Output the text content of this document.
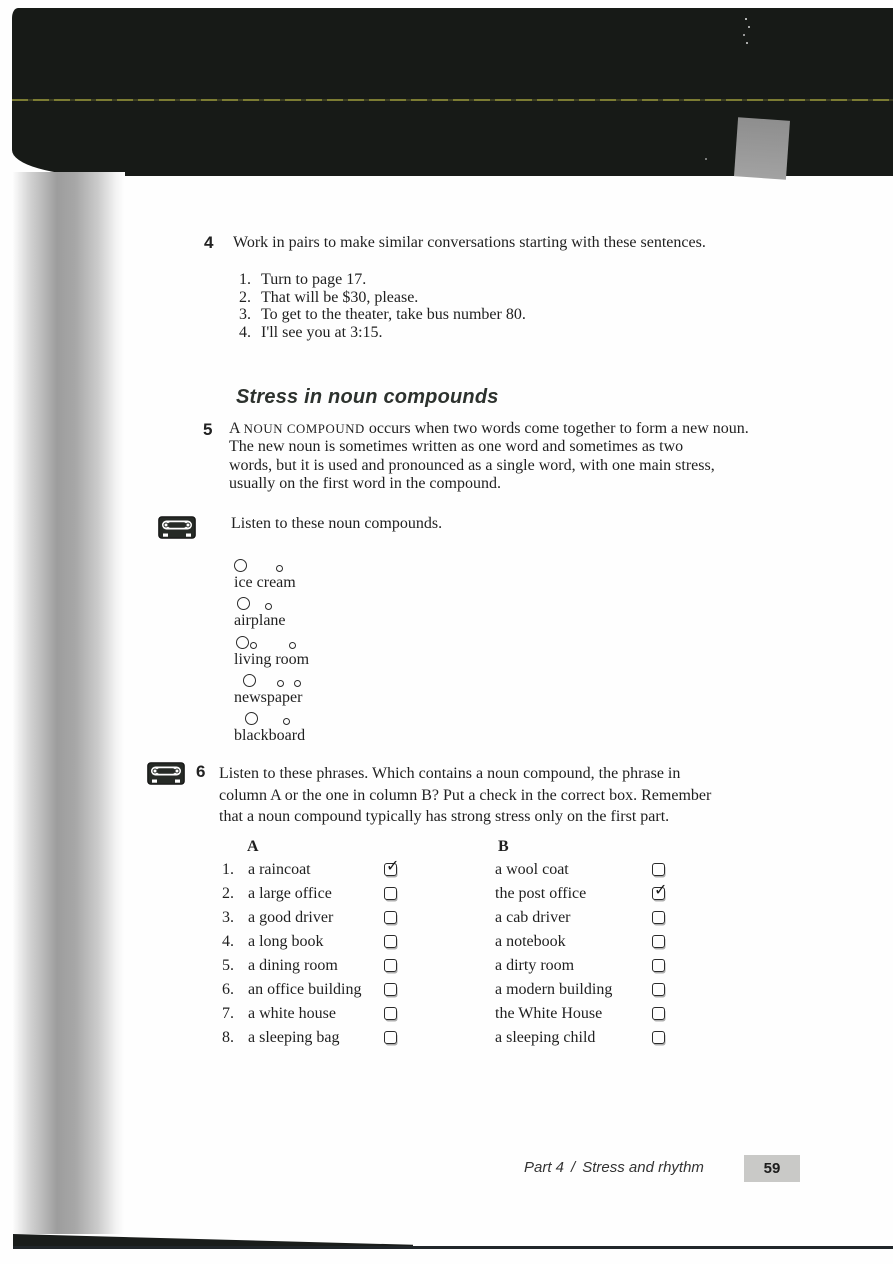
4 Work in pairs to make similar conversations starting with these sentences.
1. Turn to page 17.
2. That will be $30, please.
3. To get to the theater, take bus number 80.
4. I'll see you at 3:15.
Stress in noun compounds
5 A NOUN COMPOUND occurs when two words come together to form a new noun.
The new noun is sometimes written as one word and sometimes as two
words, but it is used and pronounced as a single word, with one main stress,
usually on the first word in the compound.
Listen to these noun compounds.
ice cream
airplane
living room
newspaper
blackboard
6 Listen to these phrases. Which contains a noun compound, the phrase in
column A or the one in column B? Put a check in the correct box. Remember
that a noun compound typically has strong stress only on the first part.
A	B
1. a raincoat	✓	a wool coat
2. a large office	the post office	✓
3. a good driver	a cab driver
4. a long book	a notebook
5. a dining room	a dirty room
6. an office building	a modern building
7. a white house	the White House
8. a sleeping bag	a sleeping child
Part 4 / Stress and rhythm	59
